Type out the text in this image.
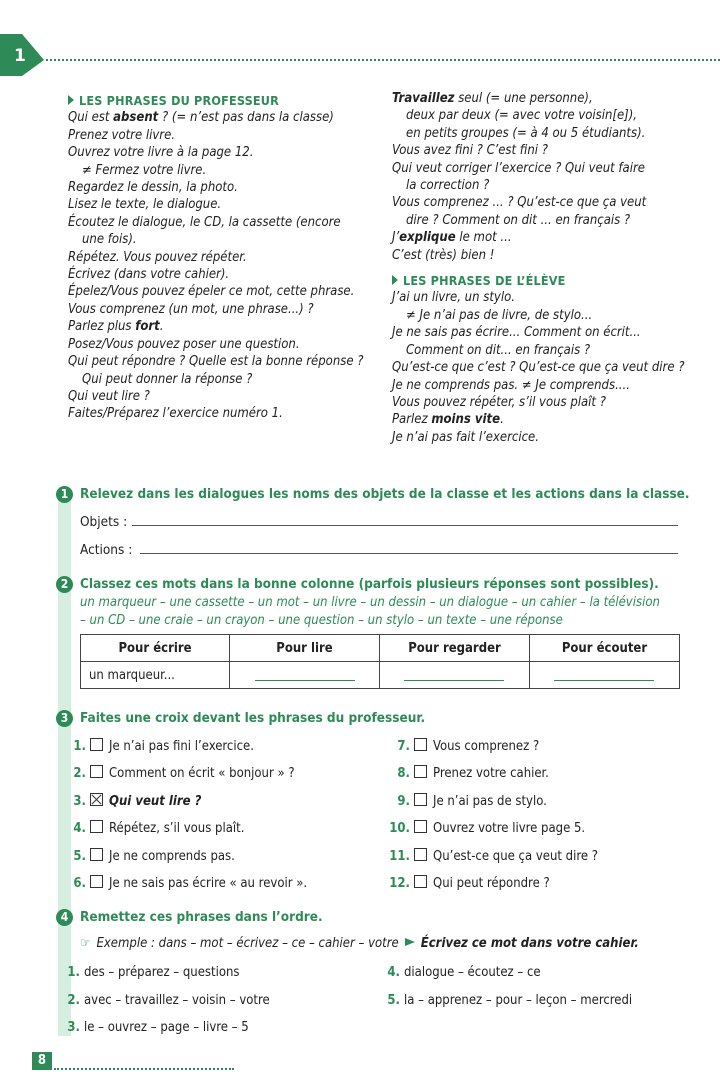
1
LES PHRASES DU PROFESSEUR
Qui est absent ? (= n’est pas dans la classe)
Prenez votre livre.
Ouvrez votre livre à la page 12.
≠ Fermez votre livre.
Regardez le dessin, la photo.
Lisez le texte, le dialogue.
Écoutez le dialogue, le CD, la cassette (encore
une fois).
Répétez. Vous pouvez répéter.
Écrivez (dans votre cahier).
Épelez/Vous pouvez épeler ce mot, cette phrase.
Vous comprenez (un mot, une phrase...) ?
Parlez plus fort.
Posez/Vous pouvez poser une question.
Qui peut répondre ? Quelle est la bonne réponse ?
Qui peut donner la réponse ?
Qui veut lire ?
Faites/Préparez l’exercice numéro 1.
Travaillez seul (= une personne),
deux par deux (= avec votre voisin[e]),
en petits groupes (= à 4 ou 5 étudiants).
Vous avez fini ? C’est fini ?
Qui veut corriger l’exercice ? Qui veut faire
la correction ?
Vous comprenez ... ? Qu’est-ce que ça veut
dire ? Comment on dit ... en français ?
J’explique le mot ...
C’est (très) bien !
LES PHRASES DE L’ÉLÈVE
J’ai un livre, un stylo.
≠ Je n’ai pas de livre, de stylo...
Je ne sais pas écrire... Comment on écrit...
Comment on dit... en français ?
Qu’est-ce que c’est ? Qu’est-ce que ça veut dire ?
Je ne comprends pas. ≠ Je comprends....
Vous pouvez répéter, s’il vous plaît ?
Parlez moins vite.
Je n’ai pas fait l’exercice.
1 Relevez dans les dialogues les noms des objets de la classe et les actions dans la classe.
Objets :
Actions :
2 Classez ces mots dans la bonne colonne (parfois plusieurs réponses sont possibles).
un marqueur – une cassette – un mot – un livre – un dessin – un dialogue – un cahier – la télévision
– un CD – une craie – un crayon – une question – un stylo – un texte – une réponse
Pour écrire	Pour lire	Pour regarder	Pour écouter
un marqueur...	

3 Faites une croix devant les phrases du professeur.
1. Je n’ai pas fini l’exercice.
2. Comment on écrit « bonjour » ?
3. Qui veut lire ?
4. Répétez, s’il vous plaît.
5. Je ne comprends pas.
6. Je ne sais pas écrire « au revoir ».
7. Vous comprenez ?
8. Prenez votre cahier.
9. Je n’ai pas de stylo.
10. Ouvrez votre livre page 5.
11. Qu’est-ce que ça veut dire ?
12. Qui peut répondre ?
4 Remettez ces phrases dans l’ordre.
☞ Exemple : dans – mot – écrivez – ce – cahier – votre Écrivez ce mot dans votre cahier.
1. des – préparez – questions
2. avec – travaillez – voisin – votre
3. le – ouvrez – page – livre – 5
4. dialogue – écoutez – ce
5. la – apprenez – pour – leçon – mercredi
8
